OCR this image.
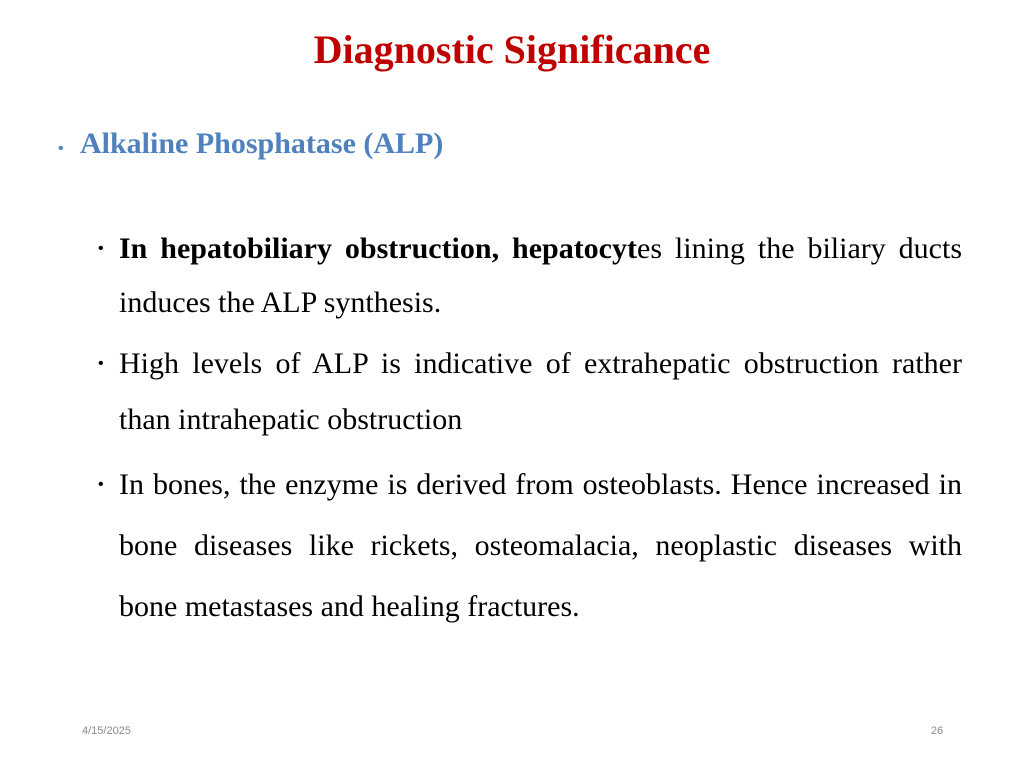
Diagnostic Significance
• Alkaline Phosphatase (ALP)
• In hepatobiliary obstruction, hepatocytes lining the biliary ducts induces the ALP synthesis.
• High levels of ALP is indicative of extrahepatic obstruction rather than intrahepatic obstruction
• In bones, the enzyme is derived from osteoblasts. Hence increased in bone diseases like rickets, osteomalacia, neoplastic diseases with bone metastases and healing fractures.
4/15/2025	26
